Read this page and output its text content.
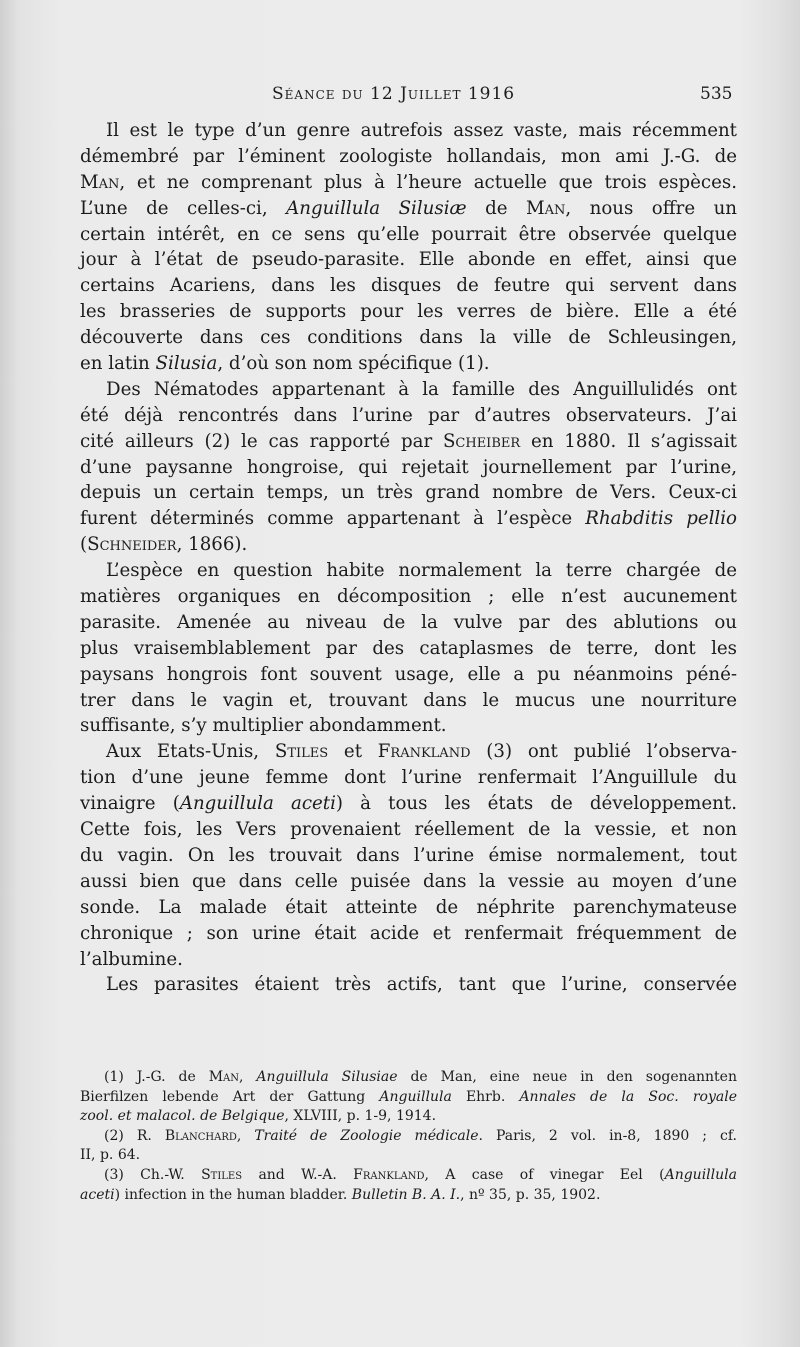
Séance du 12 Juillet 1916	535
Il est le type d’un genre autrefois assez vaste, mais récemment
démembré par l’éminent zoologiste hollandais, mon ami J.-G. de
Man, et ne comprenant plus à l’heure actuelle que trois espèces.
L’une de celles-ci, Anguillula Silusiæ de Man, nous offre un
certain intérêt, en ce sens qu’elle pourrait être observée quelque
jour à l’état de pseudo-parasite. Elle abonde en effet, ainsi que
certains Acariens, dans les disques de feutre qui servent dans
les brasseries de supports pour les verres de bière. Elle a été
découverte dans ces conditions dans la ville de Schleusingen,
en latin Silusia, d’où son nom spécifique (1).
Des Nématodes appartenant à la famille des Anguillulidés ont
été déjà rencontrés dans l’urine par d’autres observateurs. J’ai
cité ailleurs (2) le cas rapporté par Scheiber en 1880. Il s’agissait
d’une paysanne hongroise, qui rejetait journellement par l’urine,
depuis un certain temps, un très grand nombre de Vers. Ceux-ci
furent déterminés comme appartenant à l’espèce Rhabditis pellio
(Schneider, 1866).
L’espèce en question habite normalement la terre chargée de
matières organiques en décomposition ; elle n’est aucunement
parasite. Amenée au niveau de la vulve par des ablutions ou
plus vraisemblablement par des cataplasmes de terre, dont les
paysans hongrois font souvent usage, elle a pu néanmoins péné-
trer dans le vagin et, trouvant dans le mucus une nourriture
suffisante, s’y multiplier abondamment.
Aux Etats-Unis, Stiles et Frankland (3) ont publié l’observa-
tion d’une jeune femme dont l’urine renfermait l’Anguillule du
vinaigre (Anguillula aceti) à tous les états de développement.
Cette fois, les Vers provenaient réellement de la vessie, et non
du vagin. On les trouvait dans l’urine émise normalement, tout
aussi bien que dans celle puisée dans la vessie au moyen d’une
sonde. La malade était atteinte de néphrite parenchymateuse
chronique ; son urine était acide et renfermait fréquemment de
l’albumine.
Les parasites étaient très actifs, tant que l’urine, conservée
(1) J.-G. de Man, Anguillula Silusiae de Man, eine neue in den sogenannten
Bierfilzen lebende Art der Gattung Anguillula Ehrb. Annales de la Soc. royale
zool. et malacol. de Belgique, XLVIII, p. 1-9, 1914.
(2) R. Blanchard, Traité de Zoologie médicale. Paris, 2 vol. in-8, 1890 ; cf.
II, p. 64.
(3) Ch.-W. Stiles and W.-A. Frankland, A case of vinegar Eel (Anguillula
aceti) infection in the human bladder. Bulletin B. A. I., nº 35, p. 35, 1902.
